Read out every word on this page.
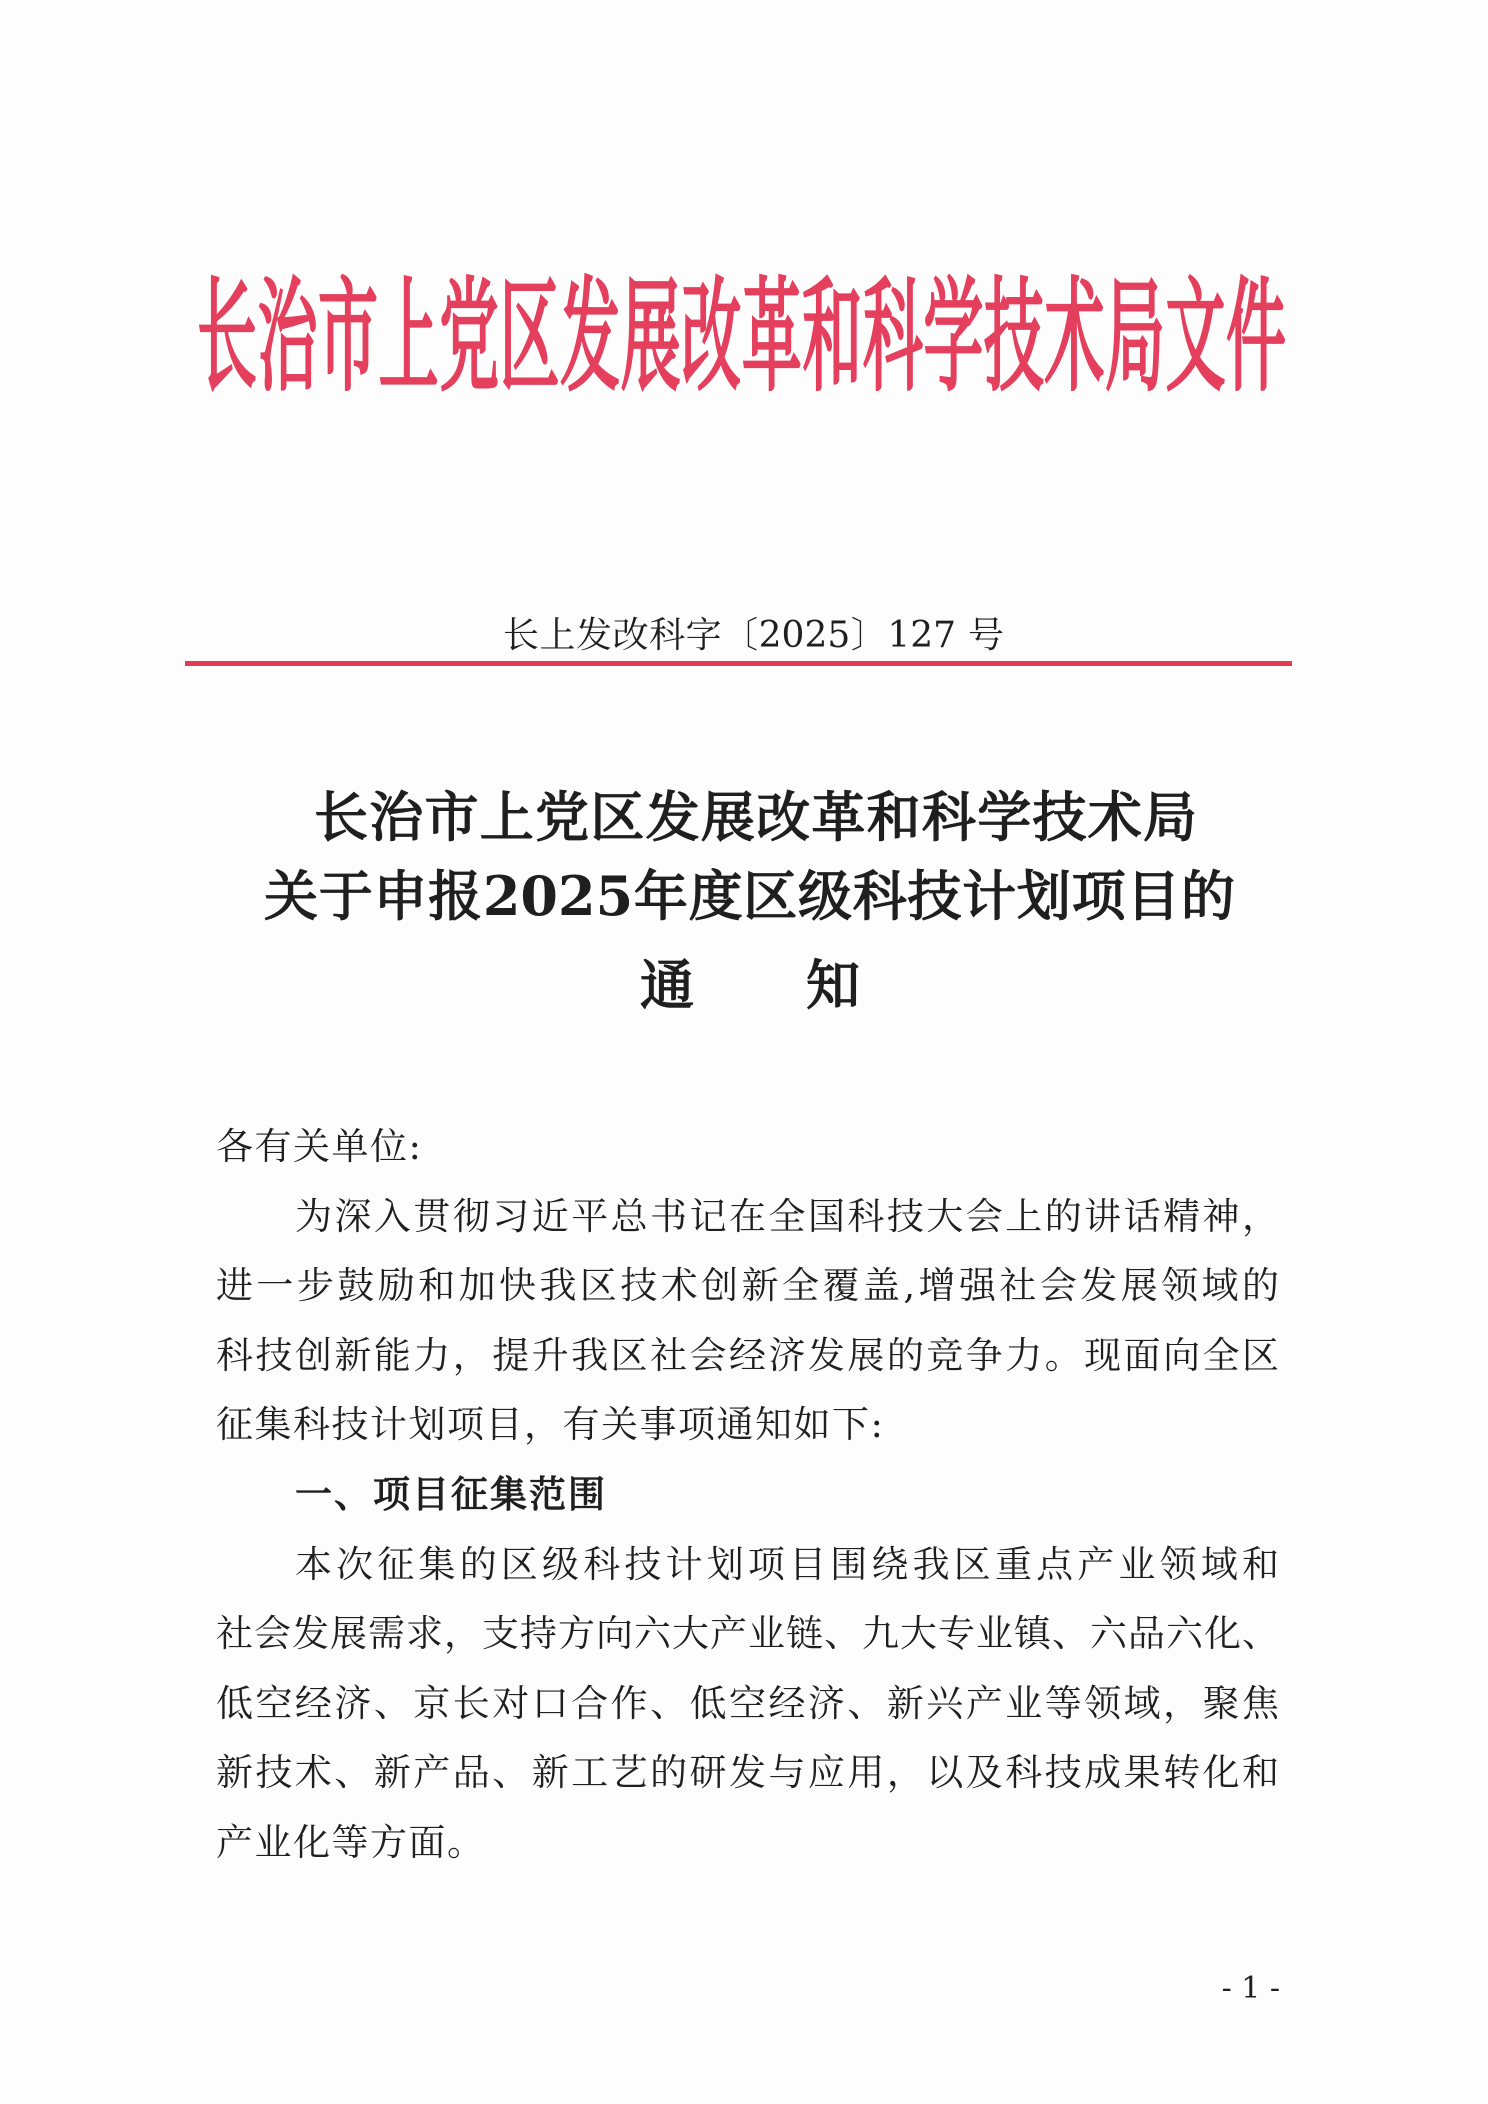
长治市上党区发展改革和科学技术局文件
长上发改科字〔2025〕127 号
长治市上党区发展改革和科学技术局
关于申报2025年度区级科技计划项目的
通知
各有关单位:
为深入贯彻习近平总书记在全国科技大会上的讲话精神，
进一步鼓励和加快我区技术创新全覆盖,增强社会发展领域的
科技创新能力，提升我区社会经济发展的竞争力。现面向全区
征集科技计划项目，有关事项通知如下:
一、项目征集范围
本次征集的区级科技计划项目围绕我区重点产业领域和
社会发展需求，支持方向六大产业链、九大专业镇、六品六化、
低空经济、京长对口合作、低空经济、新兴产业等领域，聚焦
新技术、新产品、新工艺的研发与应用，以及科技成果转化和
产业化等方面。
- 1 -
